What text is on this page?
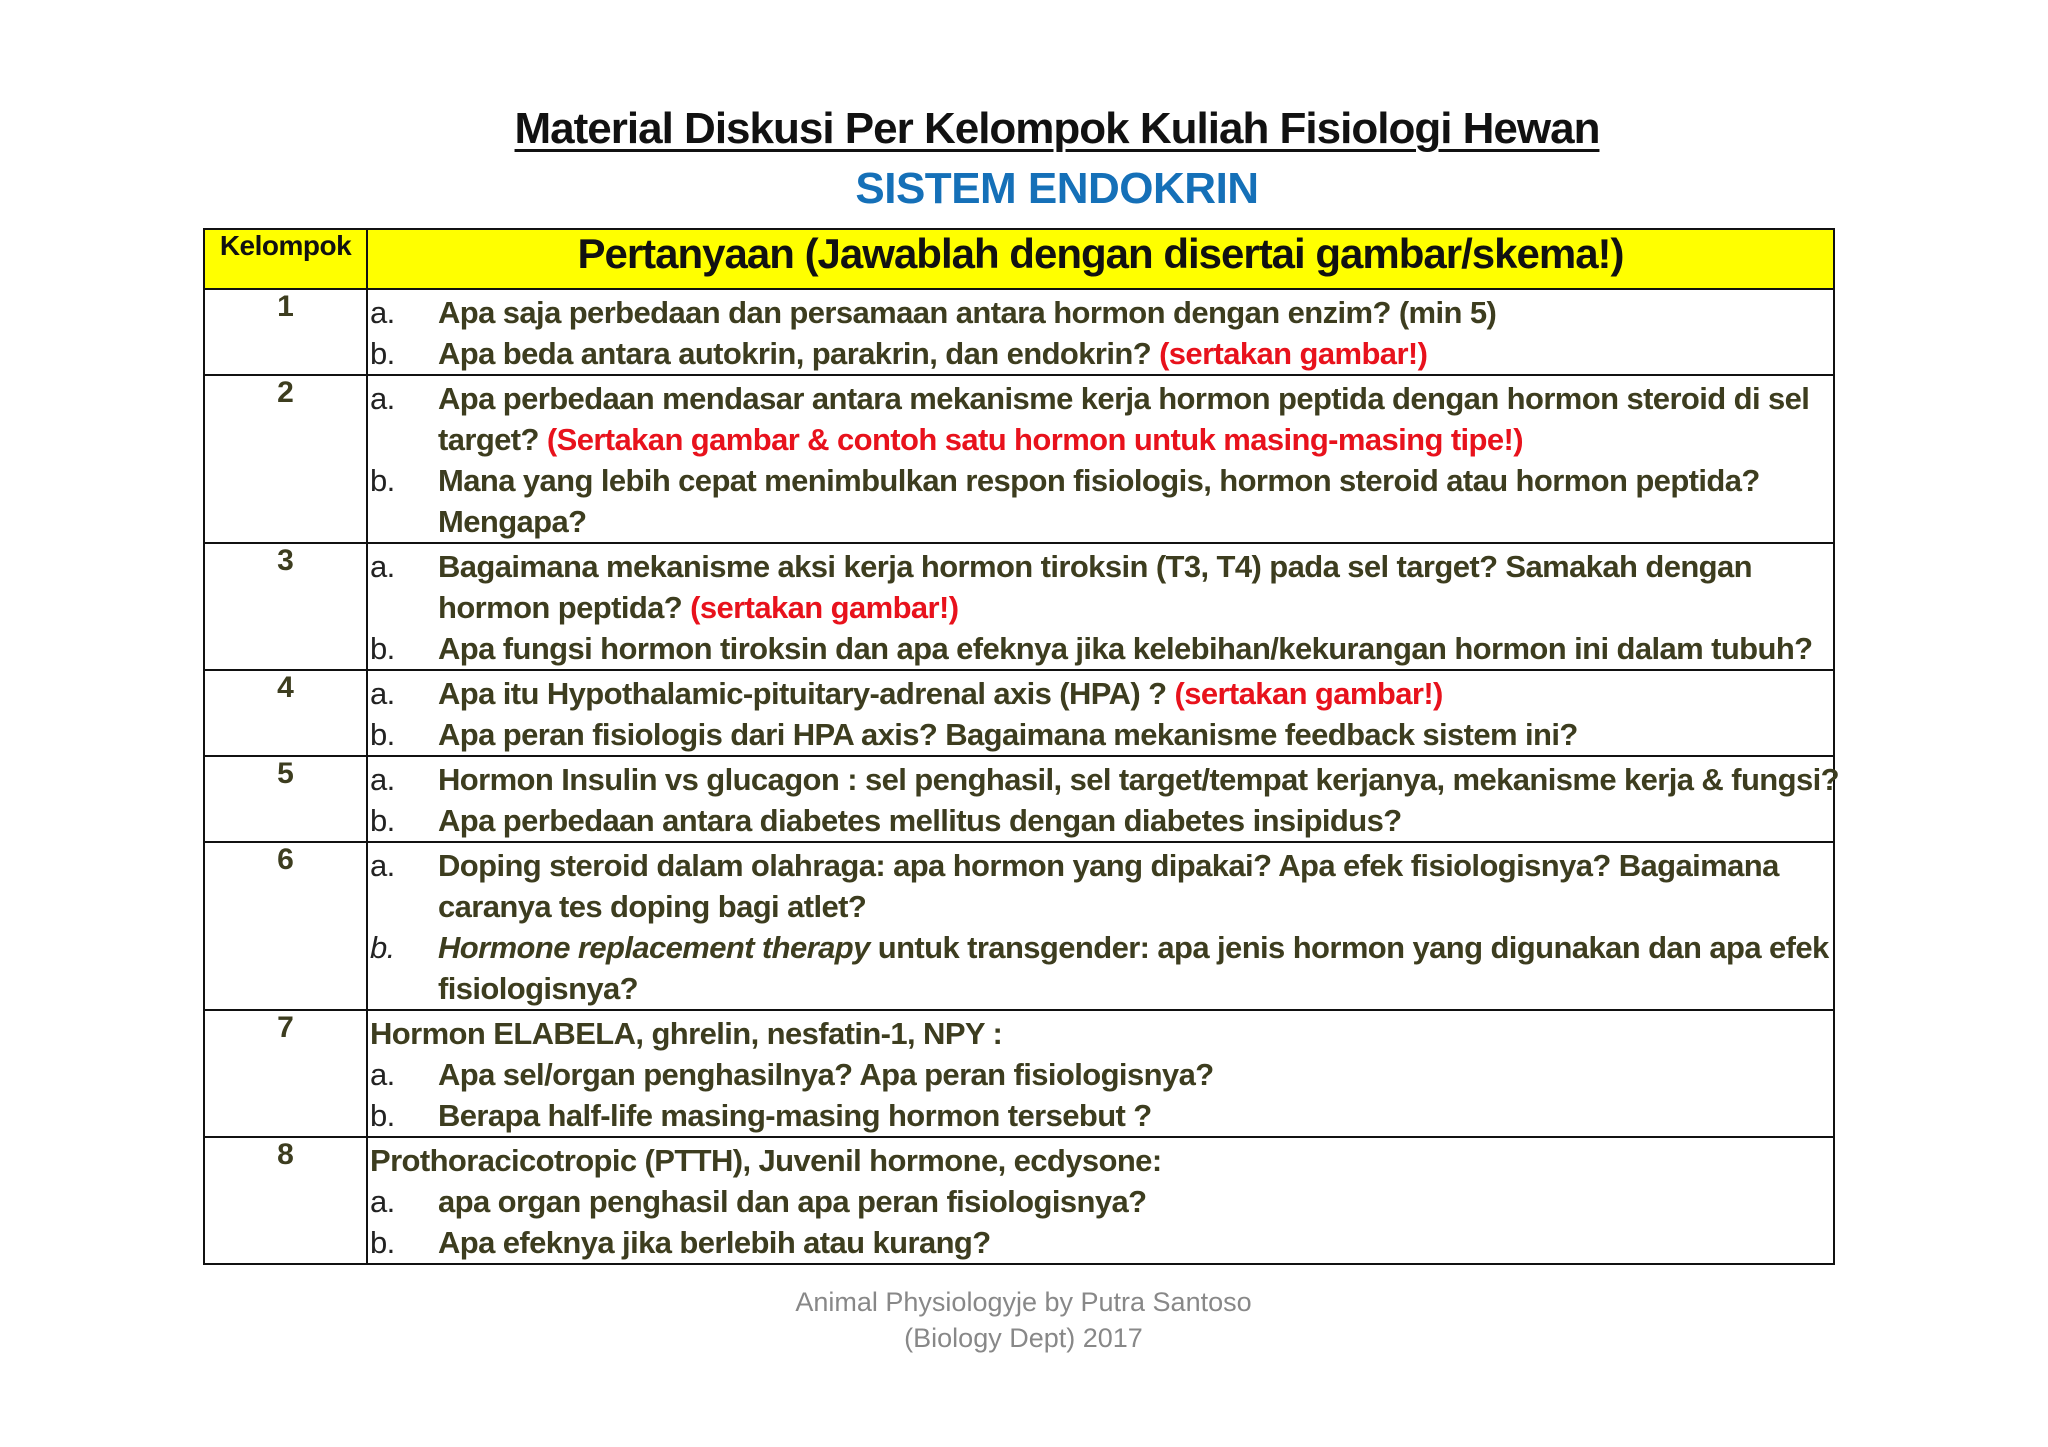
Material Diskusi Per Kelompok Kuliah Fisiologi Hewan
SISTEM ENDOKRIN
Kelompok	Pertanyaan (Jawablah dengan disertai gambar/skema!)
1	a. Apa saja perbedaan dan persamaan antara hormon dengan enzim? (min 5)
b. Apa beda antara autokrin, parakrin, dan endokrin? (sertakan gambar!)

2	a. Apa perbedaan mendasar antara mekanisme kerja hormon peptida dengan hormon steroid di sel target? (Sertakan gambar & contoh satu hormon untuk masing-masing tipe!)
b. Mana yang lebih cepat menimbulkan respon fisiologis, hormon steroid atau hormon peptida? Mengapa?

3	a. Bagaimana mekanisme aksi kerja hormon tiroksin (T3, T4) pada sel target? Samakah dengan hormon peptida? (sertakan gambar!)
b. Apa fungsi hormon tiroksin dan apa efeknya jika kelebihan/kekurangan hormon ini dalam tubuh?

4	a. Apa itu Hypothalamic-pituitary-adrenal axis (HPA) ? (sertakan gambar!)
b. Apa peran fisiologis dari HPA axis? Bagaimana mekanisme feedback sistem ini?

5	a. Hormon Insulin vs glucagon : sel penghasil, sel target/tempat kerjanya, mekanisme kerja & fungsi?
b. Apa perbedaan antara diabetes mellitus dengan diabetes insipidus?

6	a. Doping steroid dalam olahraga: apa hormon yang dipakai? Apa efek fisiologisnya? Bagaimana caranya tes doping bagi atlet?
b. Hormone replacement therapy untuk transgender: apa jenis hormon yang digunakan dan apa efek fisiologisnya?

7	Hormon ELABELA, ghrelin, nesfatin-1, NPY :
a. Apa sel/organ penghasilnya? Apa peran fisiologisnya?
b. Berapa half-life masing-masing hormon tersebut ?

8	Prothoracicotropic (PTTH), Juvenil hormone, ecdysone:
a. apa organ penghasil dan apa peran fisiologisnya?
b. Apa efeknya jika berlebih atau kurang?
Animal Physiologyje by Putra Santoso
(Biology Dept) 2017
